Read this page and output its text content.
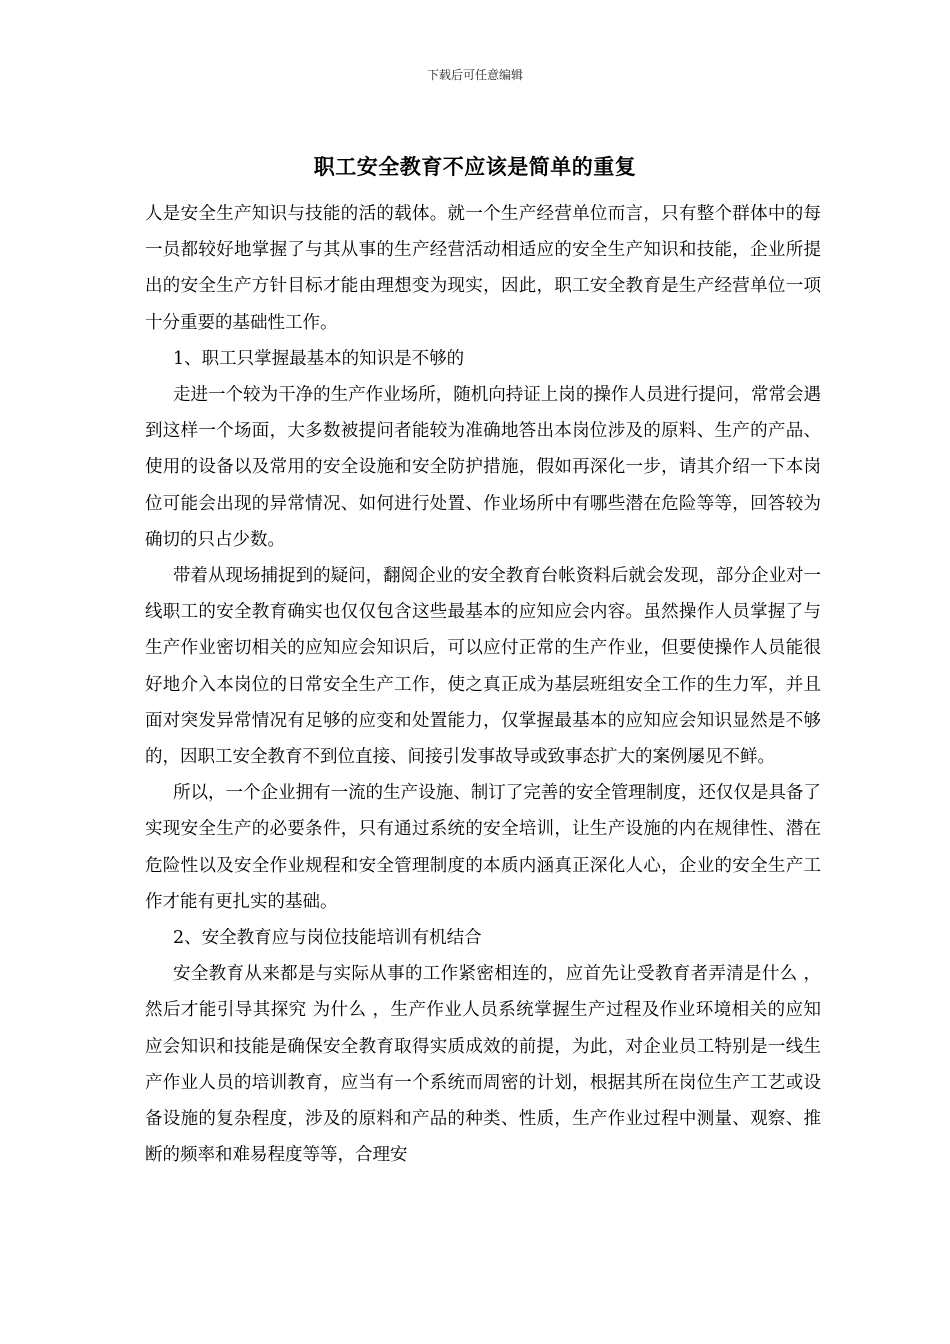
下载后可任意编辑
职工安全教育不应该是简单的重复

人是安全生产知识与技能的活的载体。就一个生产经营单位而言，只有整个群体中的每一员都较好地掌握了与其从事的生产经营活动相适应的安全生产知识和技能，企业所提出的安全生产方针目标才能由理想变为现实，因此，职工安全教育是生产经营单位一项十分重要的基础性工作。

1、职工只掌握最基本的知识是不够的

走进一个较为干净的生产作业场所，随机向持证上岗的操作人员进行提问，常常会遇到这样一个场面，大多数被提问者能较为准确地答出本岗位涉及的原料、生产的产品、使用的设备以及常用的安全设施和安全防护措施，假如再深化一步，请其介绍一下本岗位可能会出现的异常情况、如何进行处置、作业场所中有哪些潜在危险等等，回答较为确切的只占少数。

带着从现场捕捉到的疑问，翻阅企业的安全教育台帐资料后就会发现，部分企业对一线职工的安全教育确实也仅仅包含这些最基本的应知应会内容。虽然操作人员掌握了与生产作业密切相关的应知应会知识后，可以应付正常的生产作业，但要使操作人员能很好地介入本岗位的日常安全生产工作，使之真正成为基层班组安全工作的生力军，并且面对突发异常情况有足够的应变和处置能力，仅掌握最基本的应知应会知识显然是不够的，因职工安全教育不到位直接、间接引发事故导或致事态扩大的案例屡见不鲜。

所以，一个企业拥有一流的生产设施、制订了完善的安全管理制度，还仅仅是具备了实现安全生产的必要条件，只有通过系统的安全培训，让生产设施的内在规律性、潜在危险性以及安全作业规程和安全管理制度的本质内涵真正深化人心，企业的安全生产工作才能有更扎实的基础。

2、安全教育应与岗位技能培训有机结合

安全教育从来都是与实际从事的工作紧密相连的，应首先让受教育者弄清是什么 ，然后才能引导其探究 为什么 ，生产作业人员系统掌握生产过程及作业环境相关的应知应会知识和技能是确保安全教育取得实质成效的前提，为此，对企业员工特别是一线生产作业人员的培训教育，应当有一个系统而周密的计划，根据其所在岗位生产工艺或设备设施的复杂程度，涉及的原料和产品的种类、性质，生产作业过程中测量、观察、推断的频率和难易程度等等，合理安
